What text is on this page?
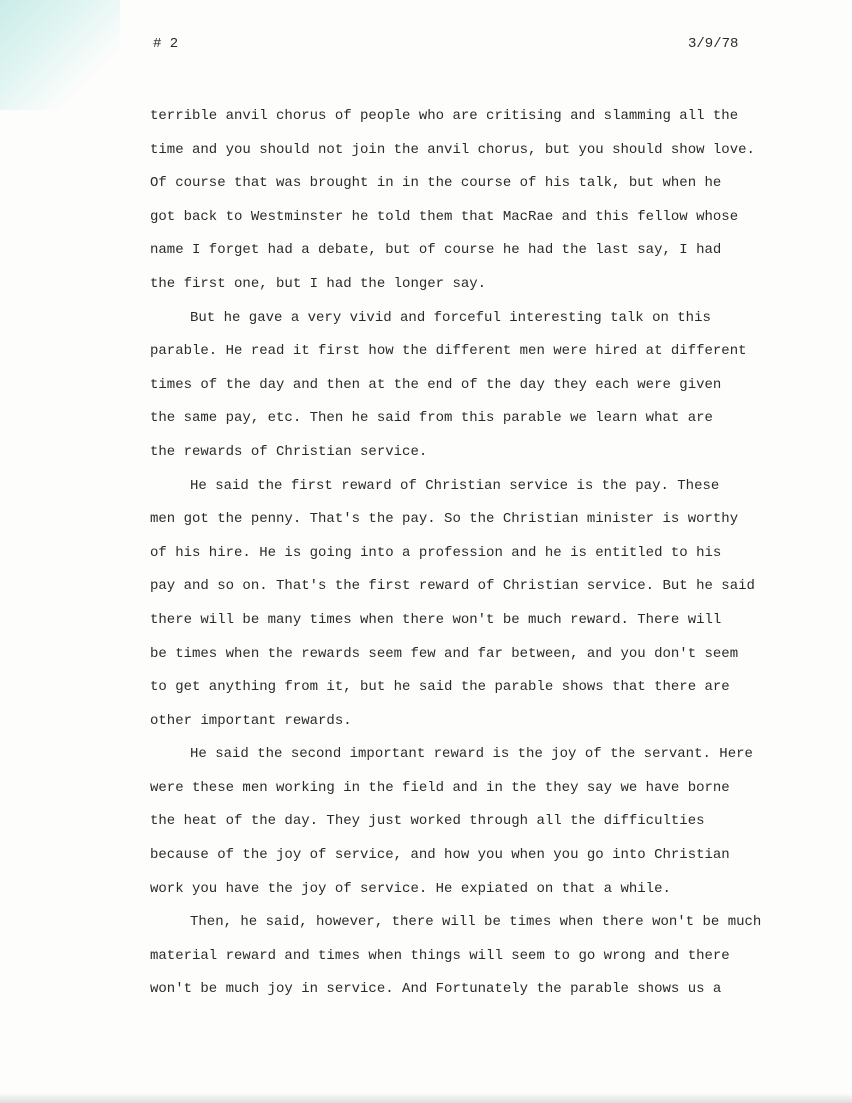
# 2	3/9/78
terrible anvil chorus of people who are critising and slamming all the
time and you should not join the anvil chorus, but you should show love.
Of course that was brought in in the course of his talk, but when he
got back to Westminster he told them that MacRae and this fellow whose
name I forget had a debate, but of course he had the last say, I had
the first one, but I had the longer say.
But he gave a very vivid and forceful interesting talk on this
parable. He read it first how the different men were hired at different
times of the day and then at the end of the day they each were given
the same pay, etc. Then he said from this parable we learn what are
the rewards of Christian service.
He said the first reward of Christian service is the pay. These
men got the penny. That's the pay. So the Christian minister is worthy
of his hire. He is going into a profession and he is entitled to his
pay and so on. That's the first reward of Christian service. But he said
there will be many times when there won't be much reward. There will
be times when the rewards seem few and far between, and you don't seem
to get anything from it, but he said the parable shows that there are
other important rewards.
He said the second important reward is the joy of the servant. Here
were these men working in the field and in the they say we have borne
the heat of the day. They just worked through all the difficulties
because of the joy of service, and how you when you go into Christian
work you have the joy of service. He expiated on that a while.
Then, he said, however, there will be times when there won't be much
material reward and times when things will seem to go wrong and there
won't be much joy in service. And Fortunately the parable shows us a
